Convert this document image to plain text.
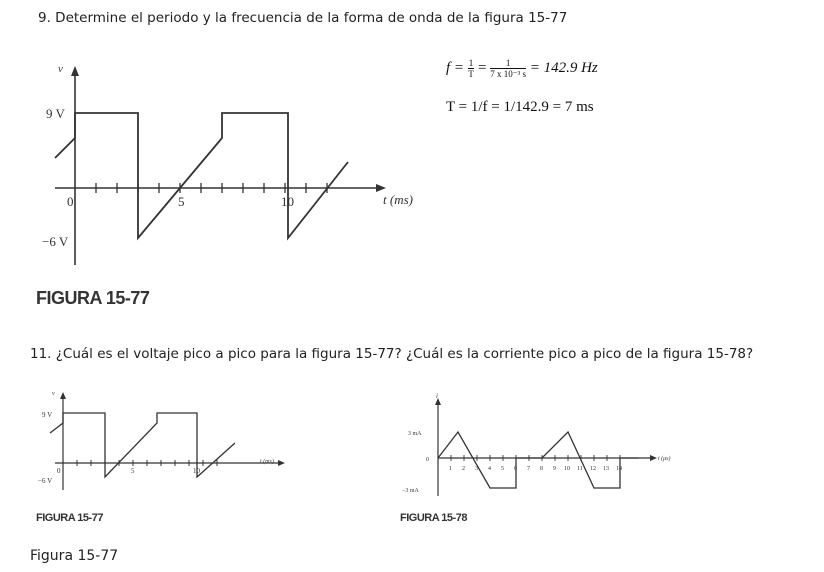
9. Determine el periodo y la frecuencia de la forma de onda de la figura 15-77
v
9 V
−6 V
0	5	10	t (ms)
FIGURA 15-77
$f = \frac{1}{T} = \frac{1}{\text{7 x 10⁻³ s}} = 142.9$ Hz
T = 1/f = 1/142.9 = 7 ms
11. ¿Cuál es el voltaje pico a pico para la figura 15-77? ¿Cuál es la corriente pico a pico de la figura 15-78?
v
9 V
−6 V
0	5	10
t (ms)
FIGURA 15-77
i
3 mA
0
−3 mA
1 2 3 4 5 6 7 8 9 10 11 12 13 14
t (μs)
FIGURA 15-78
Figura 15-77
